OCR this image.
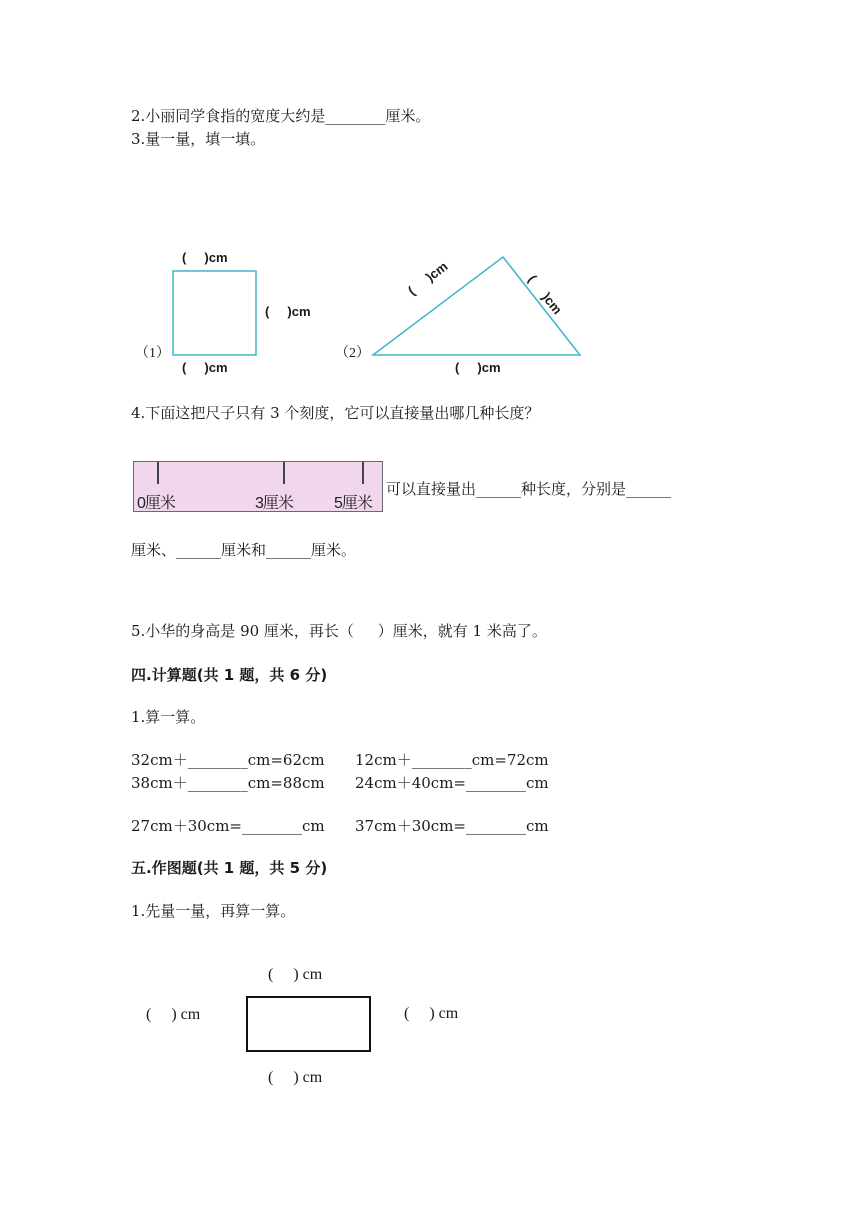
2.小丽同学食指的宽度大约是________厘米。
3.量一量，填一填。
（1）
(     )cm
(     )cm
(     )cm
（2）
(     )cm	(     )cm
(     )cm
4.下面这把尺子只有 3 个刻度，它可以直接量出哪几种长度？
0厘米	3厘米	5厘米
可以直接量出______种长度，分别是______
厘米、______厘米和______厘米。
5.小华的身高是 90 厘米，再长（     ）厘米，就有 1 米高了。
四.计算题(共 1 题，共 6 分)
1.算一算。
32cm＋________cm=62cm 12cm＋________cm=72cm
38cm＋________cm=88cm 24cm＋40cm=________cm
27cm＋30cm=________cm 37cm＋30cm=________cm
五.作图题(共 1 题，共 5 分)
1.先量一量，再算一算。
(     ) cm
(     ) cm	(     ) cm
(     ) cm
